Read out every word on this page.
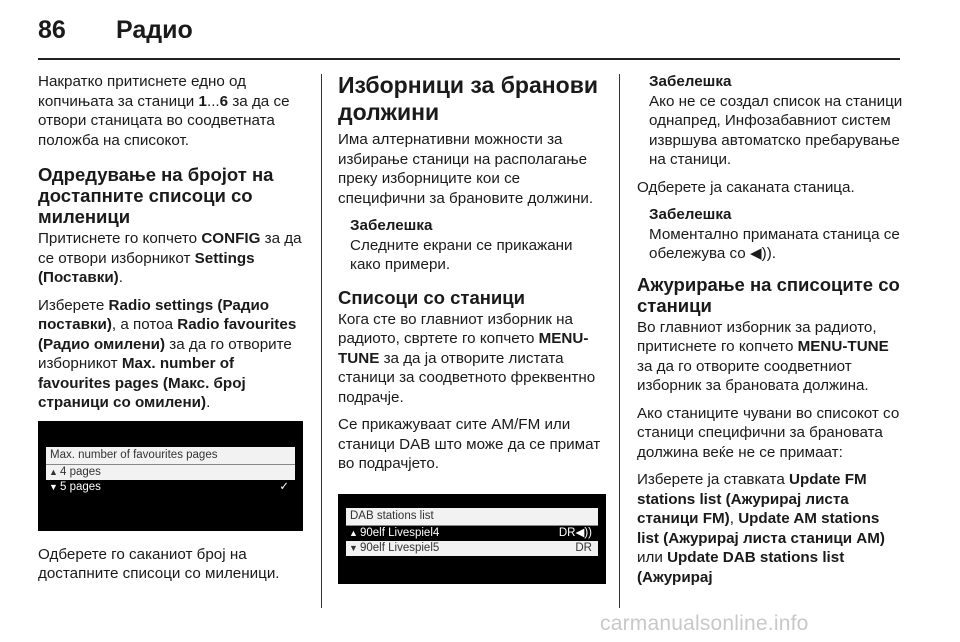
86 Радио

Накратко притиснете едно од копчињата за станици 1...6 за да се отвори станицата во соодветната положба на списокот.

Одредување на бројот на достапните списоци со миленици

Притиснете го копчето CONFIG за да се отвори изборникот Settings (Поставки).

Изберете Radio settings (Радио поставки), а потоа Radio favourites (Радио омилени) за да го отворите изборникот Max. number of favourites pages (Макс. број страници со омилени).

Max. number of favourites pages
▲ 4 pages
▼ 5 pages	✓

Одберете го саканиот број на достапните списоци со миленици.

Изборници за бранови должини

Има алтернативни можности за избирање станици на располагање преку изборниците кои се специфични за брановите должини.

Забелешка
Следните екрани се прикажани како примери.
Списоци со станици

Кога сте во главниот изборник на радиото, свртете го копчето MENU-TUNE за да ја отворите листата станици за соодветното фреквентно подрачје.

Се прикажуваат сите AM/FM или станици DAB што може да се примат во подрачјето.

DAB stations list
▲ 90elf Livespiel4	DR◀))
▼ 90elf Livespiel5	DR
Забелешка
Ако не се создал список на станици однапред, Инфозабавниот систем извршува автоматско пребарување на станици.

Одберете ја саканата станица.

Забелешка
Моментално приманата станица се обележува со ◀)).
Ажурирање на списоците со станици

Во главниот изборник за радиото, притиснете го копчето MENU-TUNE за да го отворите соодветниот изборник за брановата должина.

Ако станиците чувани во списокот со станици специфични за брановата должина веќе не се примаат:

Изберете ја ставката Update FM stations list (Ажурирај листа станици FM), Update AM stations list (Ажурирај листа станици AM) или Update DAB stations list (Ажурирај

carmanualsonline.info
